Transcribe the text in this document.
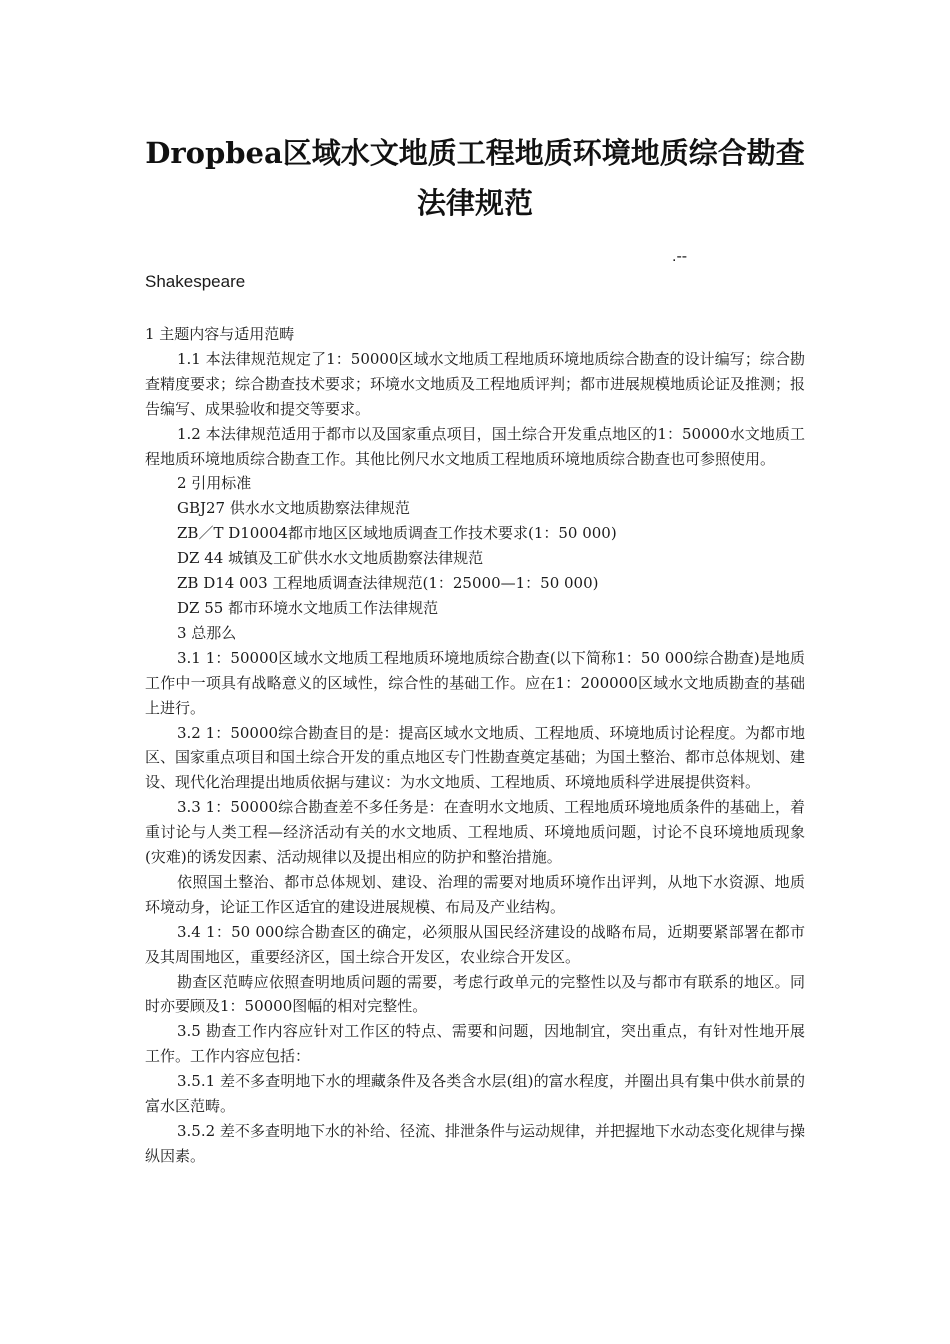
Dropbea区域水文地质工程地质环境地质综合勘查法律规范
.--
Shakespeare

1 主题内容与适用范畴

1.1 本法律规范规定了1：50000区域水文地质工程地质环境地质综合勘查的设计编写；综合勘查精度要求；综合勘查技术要求；环境水文地质及工程地质评判；都市进展规模地质论证及推测；报告编写、成果验收和提交等要求。

1.2 本法律规范适用于都市以及国家重点项目，国土综合开发重点地区的1：50000水文地质工程地质环境地质综合勘查工作。其他比例尺水文地质工程地质环境地质综合勘查也可参照使用。

2 引用标准

GBJ27 供水水文地质勘察法律规范

ZB／T D10004都市地区区域地质调查工作技术要求(1：50 000)

DZ 44 城镇及工矿供水水文地质勘察法律规范

ZB D14 003 工程地质调查法律规范(1：25000—1：50 000)

DZ 55 都市环境水文地质工作法律规范

3 总那么

3.1 1：50000区域水文地质工程地质环境地质综合勘查(以下简称1：50 000综合勘查)是地质工作中一项具有战略意义的区域性，综合性的基础工作。应在1：200000区域水文地质勘查的基础上进行。

3.2 1：50000综合勘查目的是：提高区域水文地质、工程地质、环境地质讨论程度。为都市地区、国家重点项目和国土综合开发的重点地区专门性勘查奠定基础；为国土整治、都市总体规划、建设、现代化治理提出地质依据与建议：为水文地质、工程地质、环境地质科学进展提供资料。

3.3 1：50000综合勘查差不多任务是：在查明水文地质、工程地质环境地质条件的基础上，着重讨论与人类工程—经济活动有关的水文地质、工程地质、环境地质问题，讨论不良环境地质现象(灾难)的诱发因素、活动规律以及提出相应的防护和整治措施。

依照国土整治、都市总体规划、建设、治理的需要对地质环境作出评判，从地下水资源、地质环境动身，论证工作区适宜的建设进展规模、布局及产业结构。

3.4 1：50 000综合勘查区的确定，必须服从国民经济建设的战略布局，近期要紧部署在都市及其周围地区，重要经济区，国土综合开发区，农业综合开发区。

勘查区范畴应依照查明地质问题的需要，考虑行政单元的完整性以及与都市有联系的地区。同时亦要顾及1：50000图幅的相对完整性。

3.5 勘查工作内容应针对工作区的特点、需要和问题，因地制宜，突出重点，有针对性地开展工作。工作内容应包括：

3.5.1 差不多查明地下水的埋藏条件及各类含水层(组)的富水程度，并圈出具有集中供水前景的富水区范畴。

3.5.2 差不多查明地下水的补给、径流、排泄条件与运动规律，并把握地下水动态变化规律与操纵因素。
